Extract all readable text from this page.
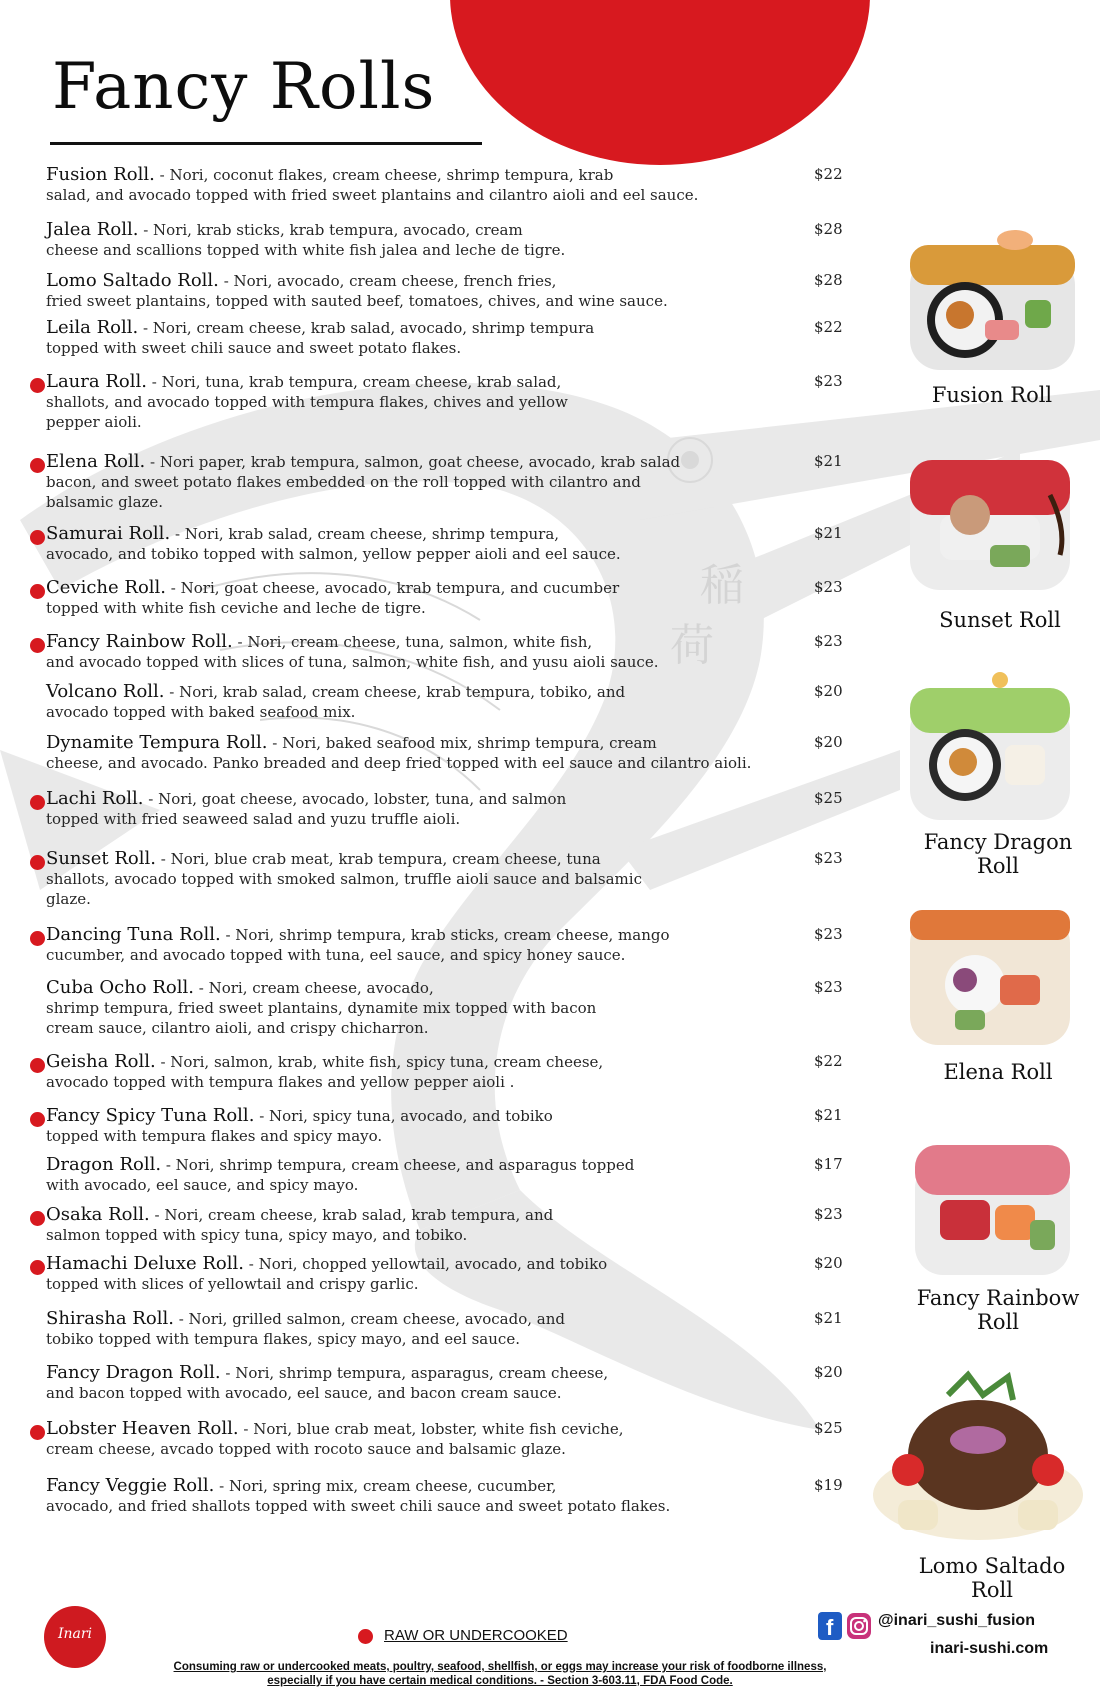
稲
荷
Fancy Rolls
Fusion Roll. - Nori, coconut flakes, cream cheese, shrimp tempura, krab
salad, and avocado topped with fried sweet plantains and cilantro aioli and eel sauce.
$22
Jalea Roll. - Nori, krab sticks, krab tempura, avocado, cream
cheese and scallions topped with white fish jalea and leche de tigre.
$28
Lomo Saltado Roll. - Nori, avocado, cream cheese, french fries,
fried sweet plantains, topped with sauted beef, tomatoes, chives, and wine sauce.
$28
Leila Roll. - Nori, cream cheese, krab salad, avocado, shrimp tempura
topped with sweet chili sauce and sweet potato flakes.
$22
Laura Roll. - Nori, tuna, krab tempura, cream cheese, krab salad,
shallots, and avocado topped with tempura flakes, chives and yellow
pepper aioli.
$23
Elena Roll. - Nori paper, krab tempura, salmon, goat cheese, avocado, krab salad
bacon, and sweet potato flakes embedded on the roll topped with cilantro and
balsamic glaze.
$21
Samurai Roll. - Nori, krab salad, cream cheese, shrimp tempura,
avocado, and tobiko topped with salmon, yellow pepper aioli and eel sauce.
$21
Ceviche Roll. - Nori, goat cheese, avocado, krab tempura, and cucumber
topped with white fish ceviche and leche de tigre.
$23
Fancy Rainbow Roll. - Nori, cream cheese, tuna, salmon, white fish,
and avocado topped with slices of tuna, salmon, white fish, and yusu aioli sauce.
$23
Volcano Roll. - Nori, krab salad, cream cheese, krab tempura, tobiko, and
avocado topped with baked seafood mix.
$20
Dynamite Tempura Roll. - Nori, baked seafood mix, shrimp tempura, cream
cheese, and avocado. Panko breaded and deep fried topped with eel sauce and cilantro aioli.
$20
Lachi Roll. - Nori, goat cheese, avocado, lobster, tuna, and salmon
topped with fried seaweed salad and yuzu truffle aioli.
$25
Sunset Roll. - Nori, blue crab meat, krab tempura, cream cheese, tuna
shallots, avocado topped with smoked salmon, truffle aioli sauce and balsamic
glaze.
$23
Dancing Tuna Roll. - Nori, shrimp tempura, krab sticks, cream cheese, mango
cucumber, and avocado topped with tuna, eel sauce, and spicy honey sauce.
$23
Cuba Ocho Roll. - Nori, cream cheese, avocado,
shrimp tempura, fried sweet plantains, dynamite mix topped with bacon
cream sauce, cilantro aioli, and crispy chicharron.
$23
Geisha Roll. - Nori, salmon, krab, white fish, spicy tuna, cream cheese,
avocado topped with tempura flakes and yellow pepper aioli .
$22
Fancy Spicy Tuna Roll. - Nori, spicy tuna, avocado, and tobiko
topped with tempura flakes and spicy mayo.
$21
Dragon Roll. - Nori, shrimp tempura, cream cheese, and asparagus topped
with avocado, eel sauce, and spicy mayo.
$17
Osaka Roll. - Nori, cream cheese, krab salad, krab tempura, and
salmon topped with spicy tuna, spicy mayo, and tobiko.
$23
Hamachi Deluxe Roll. - Nori, chopped yellowtail, avocado, and tobiko
topped with slices of yellowtail and crispy garlic.
$20
Shirasha Roll. - Nori, grilled salmon, cream cheese, avocado, and
tobiko topped with tempura flakes, spicy mayo, and eel sauce.
$21
Fancy Dragon Roll. - Nori, shrimp tempura, asparagus, cream cheese,
and bacon topped with avocado, eel sauce, and bacon cream sauce.
$20
Lobster Heaven Roll. - Nori, blue crab meat, lobster, white fish ceviche,
cream cheese, avcado topped with rocoto sauce and balsamic glaze.
$25
Fancy Veggie Roll. - Nori, spring mix, cream cheese, cucumber,
avocado, and fried shallots topped with sweet chili sauce and sweet potato flakes.
$19
Fusion Roll
Sunset Roll
Fancy Dragon
Roll
Elena Roll
Fancy Rainbow
Roll
Lomo Saltado
Roll
Inari	RAW OR UNDERCOOKED
Consuming raw or undercooked meats, poultry, seafood, shellfish, or eggs may increase your risk of foodborne illness,
especially if you have certain medical conditions. - Section 3-603.11, FDA Food Code.
f	@inari_sushi_fusion
inari-sushi.com
